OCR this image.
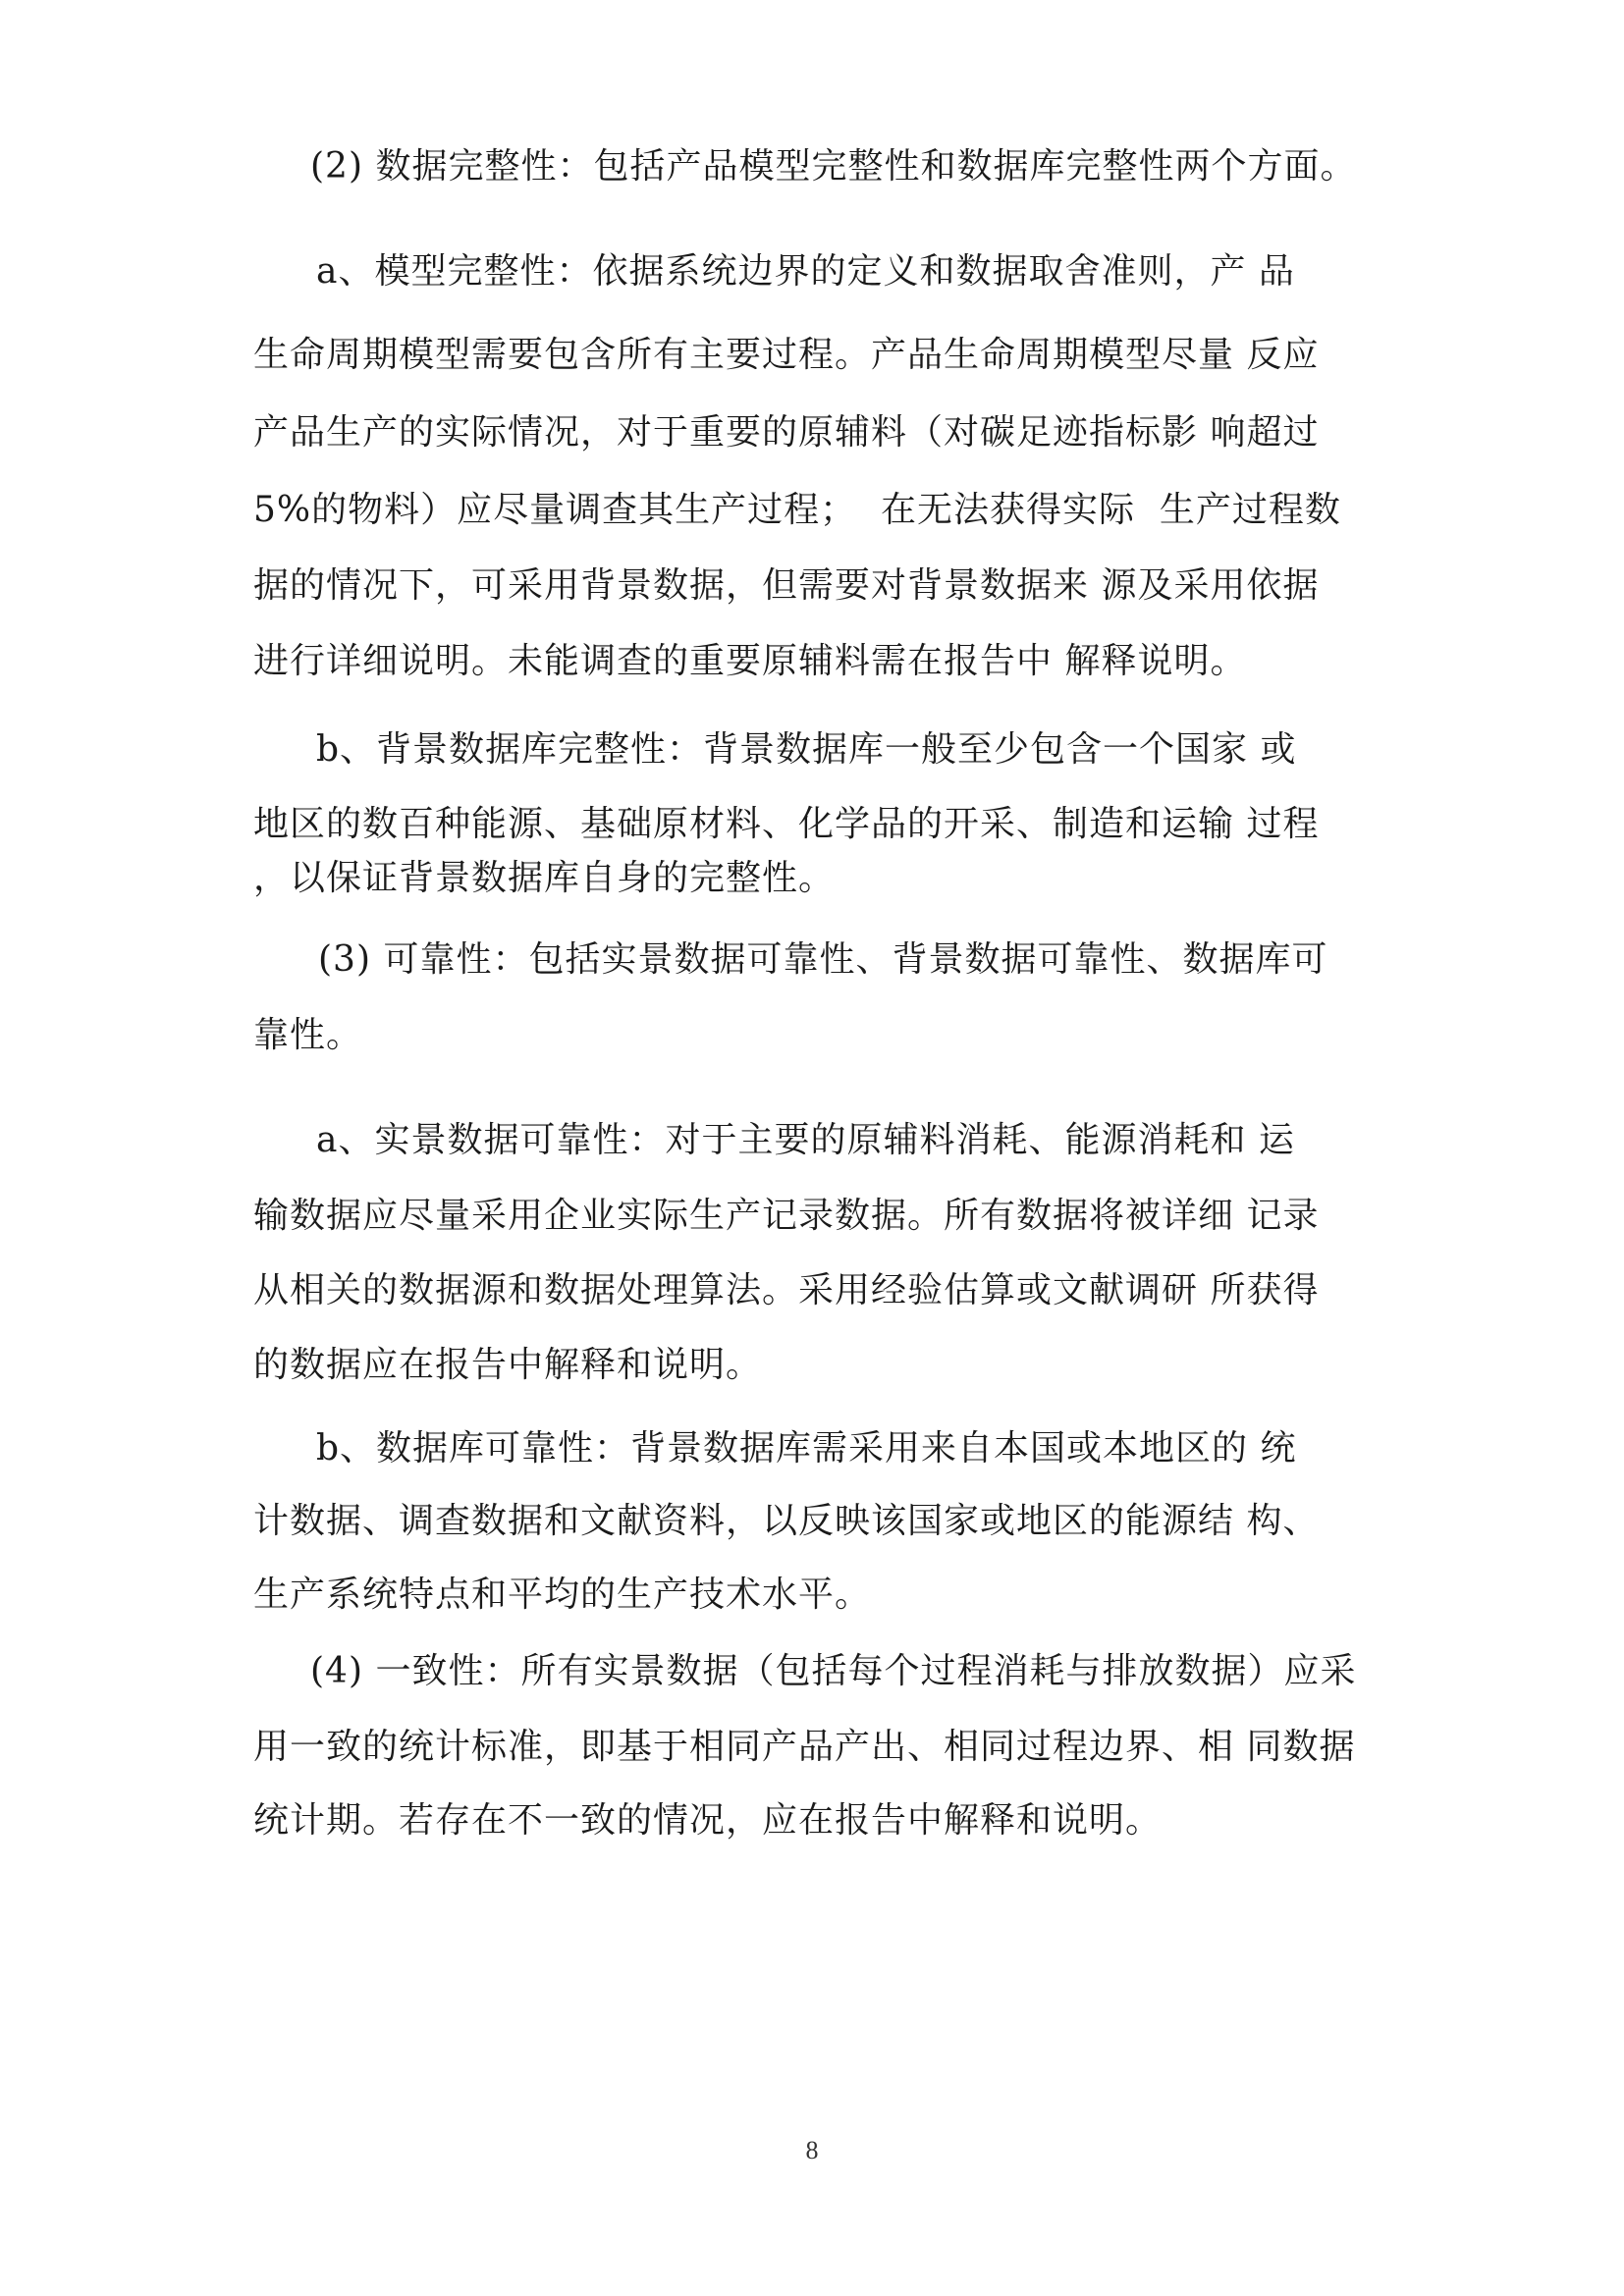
(2) 数据完整性：包括产品模型完整性和数据库完整性两个方面。
a、模型完整性：依据系统边界的定义和数据取舍准则，产 品
生命周期模型需要包含所有主要过程。产品生命周期模型尽量 反应
产品生产的实际情况，对于重要的原辅料（对碳足迹指标影 响超过
5%的物料）应尽量调查其生产过程；  在无法获得实际  生产过程数
据的情况下，可采用背景数据，但需要对背景数据来 源及采用依据
进行详细说明。未能调查的重要原辅料需在报告中 解释说明。
b、背景数据库完整性：背景数据库一般至少包含一个国家 或
地区的数百种能源、基础原材料、化学品的开采、制造和运输 过程
，以保证背景数据库自身的完整性。
(3) 可靠性：包括实景数据可靠性、背景数据可靠性、数据库可
靠性。
a、实景数据可靠性：对于主要的原辅料消耗、能源消耗和 运
输数据应尽量采用企业实际生产记录数据。所有数据将被详细 记录
从相关的数据源和数据处理算法。采用经验估算或文献调研 所获得
的数据应在报告中解释和说明。
b、数据库可靠性：背景数据库需采用来自本国或本地区的 统
计数据、调查数据和文献资料，以反映该国家或地区的能源结 构、
生产系统特点和平均的生产技术水平。
(4) 一致性：所有实景数据（包括每个过程消耗与排放数据）应采
用一致的统计标准，即基于相同产品产出、相同过程边界、相 同数据
统计期。若存在不一致的情况，应在报告中解释和说明。
8
